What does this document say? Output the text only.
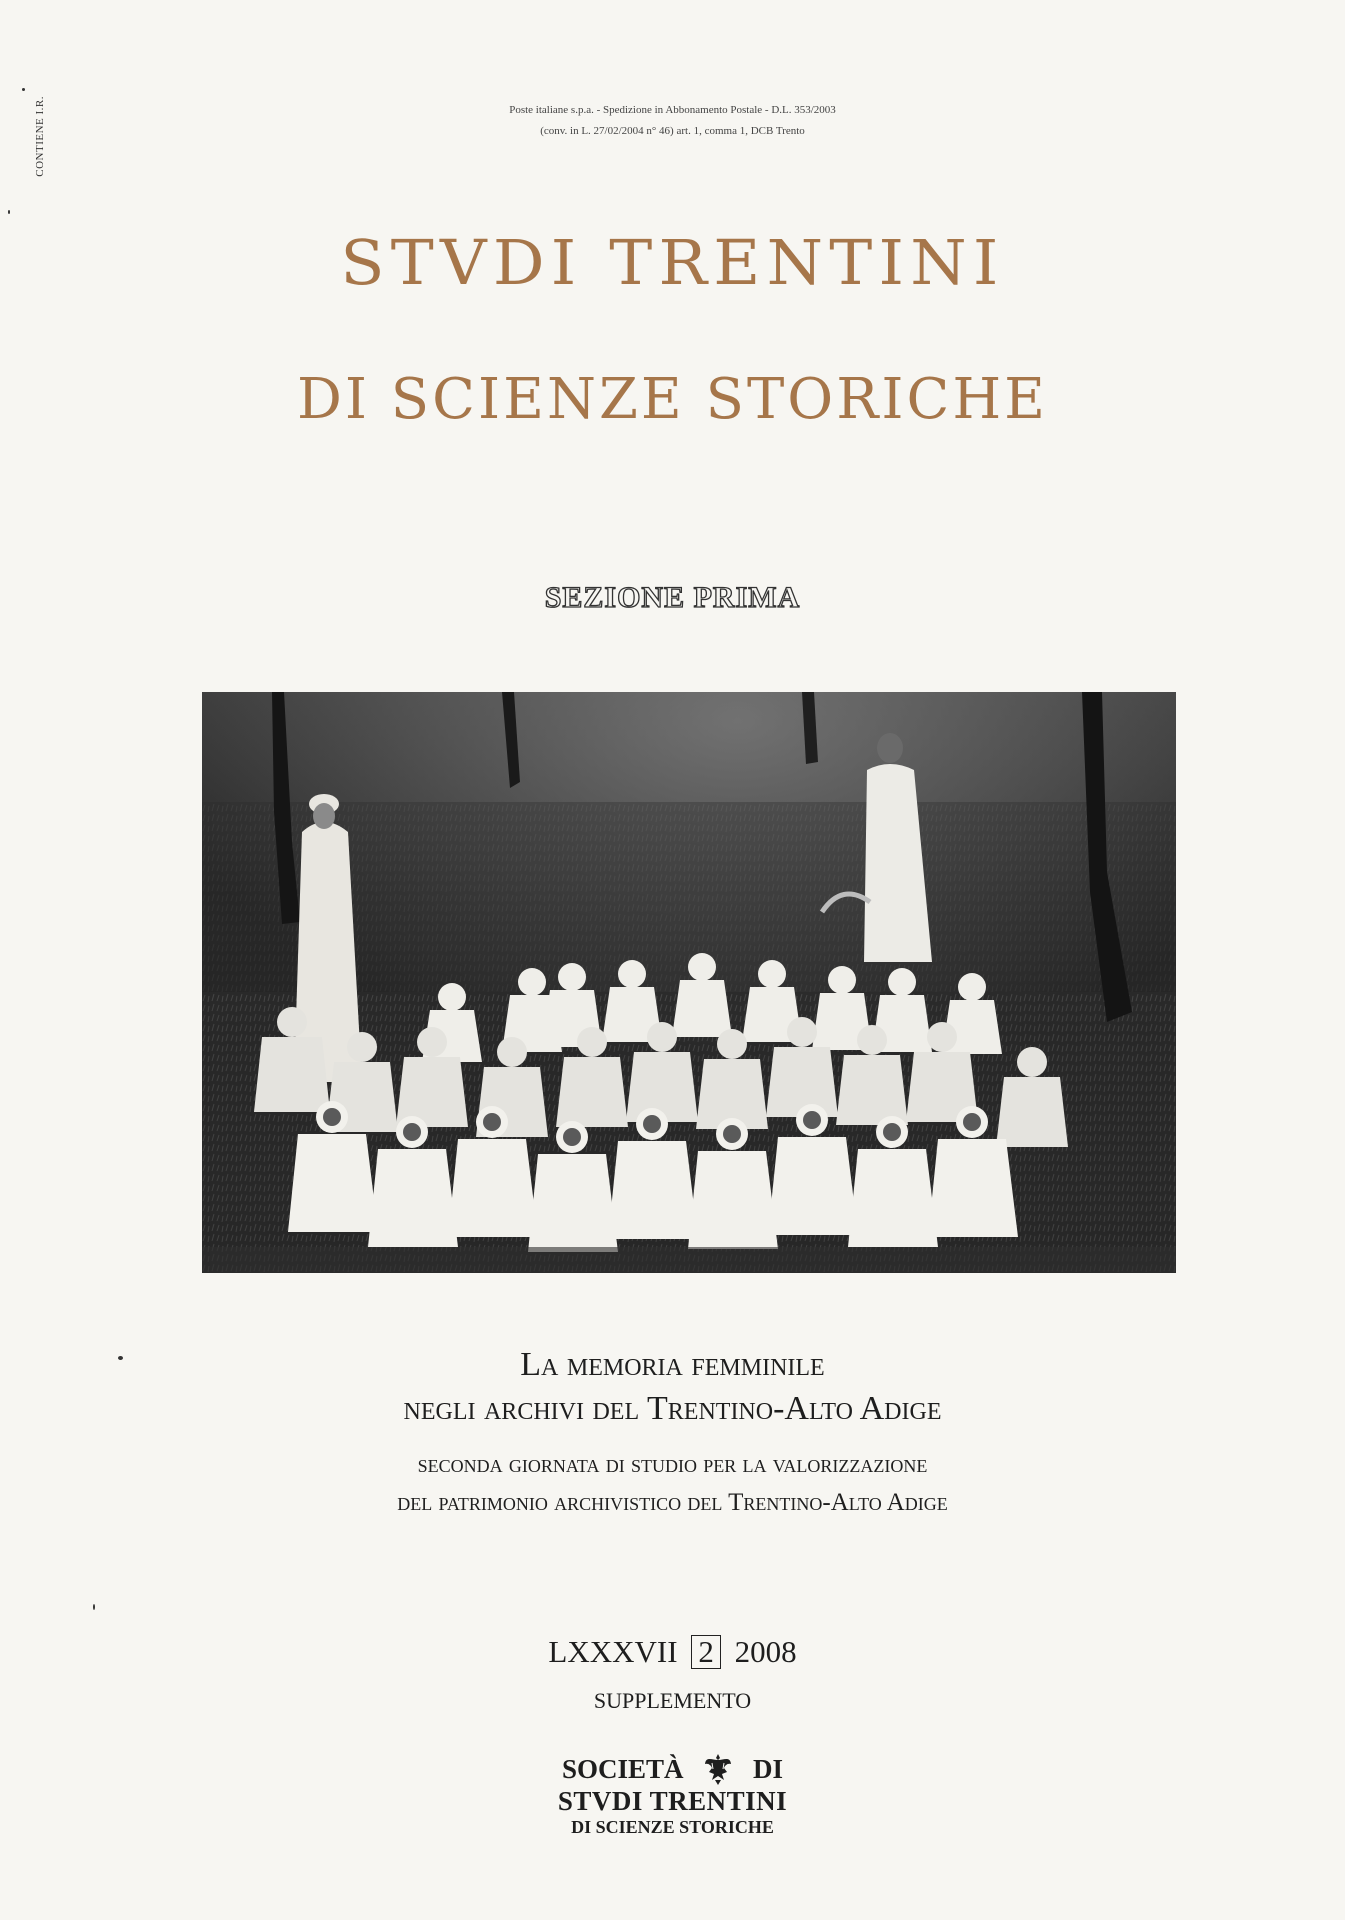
CONTIENE I.R.	Poste italiane s.p.a. - Spedizione in Abbonamento Postale - D.L. 353/2003
(conv. in L. 27/02/2004 n° 46) art. 1, comma 1, DCB Trento
STVDI TRENTINI
DI SCIENZE STORICHE
SEZIONE PRIMA
La memoria femminile
negli archivi del Trentino-Alto Adige
seconda giornata di studio per la valorizzazione
del patrimonio archivistico del Trentino-Alto Adige
LXXXVII 2 2008
SUPPLEMENTO
SOCIETÀ	DI
STVDI TRENTINI
DI SCIENZE STORICHE
